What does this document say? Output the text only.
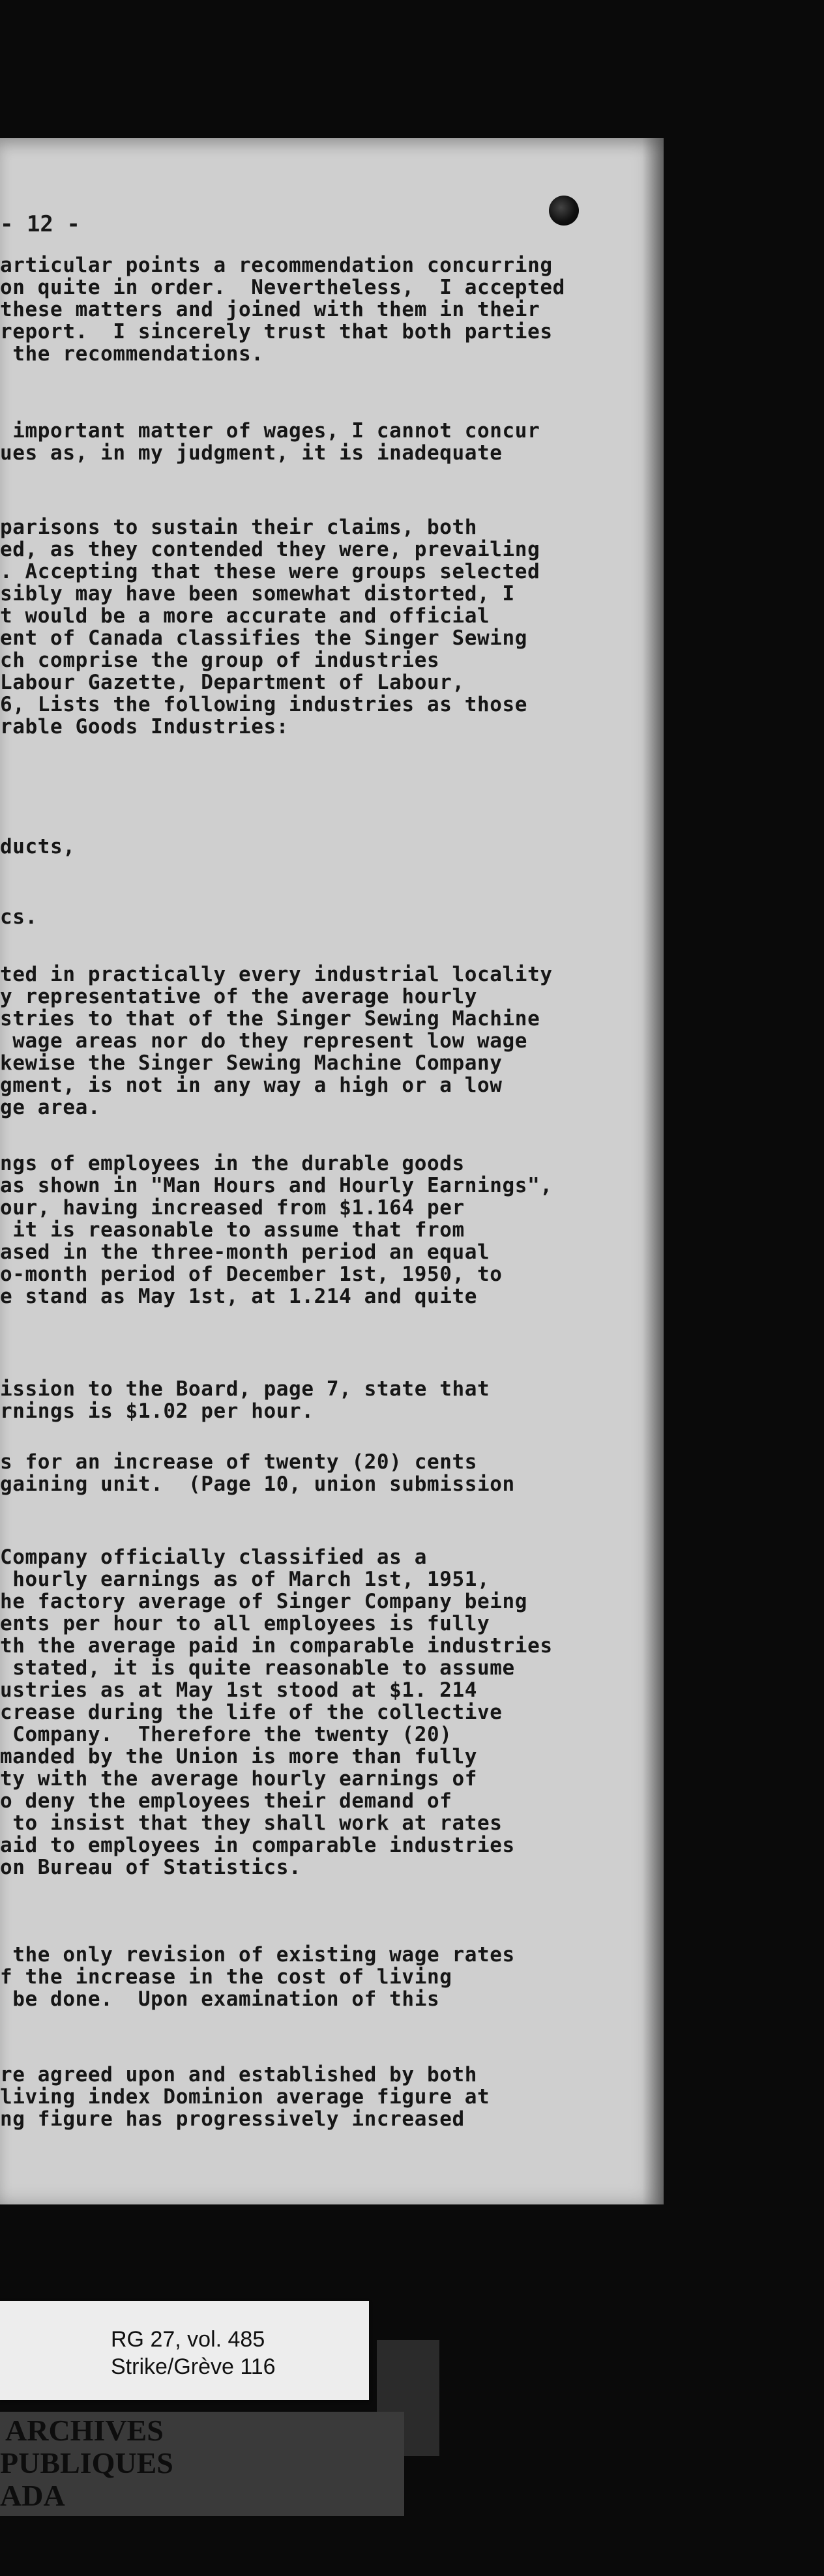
- 12 -
articular points a recommendation concurring
on quite in order.  Nevertheless,  I accepted
these matters and joined with them in their
report.  I sincerely trust that both parties
the recommendations.
important matter of wages, I cannot concur
ues as, in my judgment, it is inadequate
parisons to sustain their claims, both
ed, as they contended they were, prevailing
. Accepting that these were groups selected
sibly may have been somewhat distorted, I
t would be a more accurate and official
ent of Canada classifies the Singer Sewing
ch comprise the group of industries
Labour Gazette, Department of Labour,
6, Lists the following industries as those
rable Goods Industries:
ducts,
cs.
ted in practically every industrial locality
y representative of the average hourly
stries to that of the Singer Sewing Machine
wage areas nor do they represent low wage
kewise the Singer Sewing Machine Company
gment, is not in any way a high or a low
ge area.
ngs of employees in the durable goods
as shown in "Man Hours and Hourly Earnings",
our, having increased from $1.164 per
it is reasonable to assume that from
ased in the three-month period an equal
o-month period of December 1st, 1950, to
e stand as May 1st, at 1.214 and quite
ission to the Board, page 7, state that
rnings is $1.02 per hour.
s for an increase of twenty (20) cents
gaining unit.  (Page 10, union submission
Company officially classified as a
hourly earnings as of March 1st, 1951,
he factory average of Singer Company being
ents per hour to all employees is fully
th the average paid in comparable industries
stated, it is quite reasonable to assume
ustries as at May 1st stood at $1. 214
crease during the life of the collective
Company.  Therefore the twenty (20)
manded by the Union is more than fully
ty with the average hourly earnings of
o deny the employees their demand of
to insist that they shall work at rates
aid to employees in comparable industries
on Bureau of Statistics.
the only revision of existing wage rates
f the increase in the cost of living
be done.  Upon examination of this
re agreed upon and established by both
living index Dominion average figure at
ng figure has progressively increased
RG 27, vol. 485
Strike/Grève 116
ARCHIVES
PUBLIQUES
ADA
